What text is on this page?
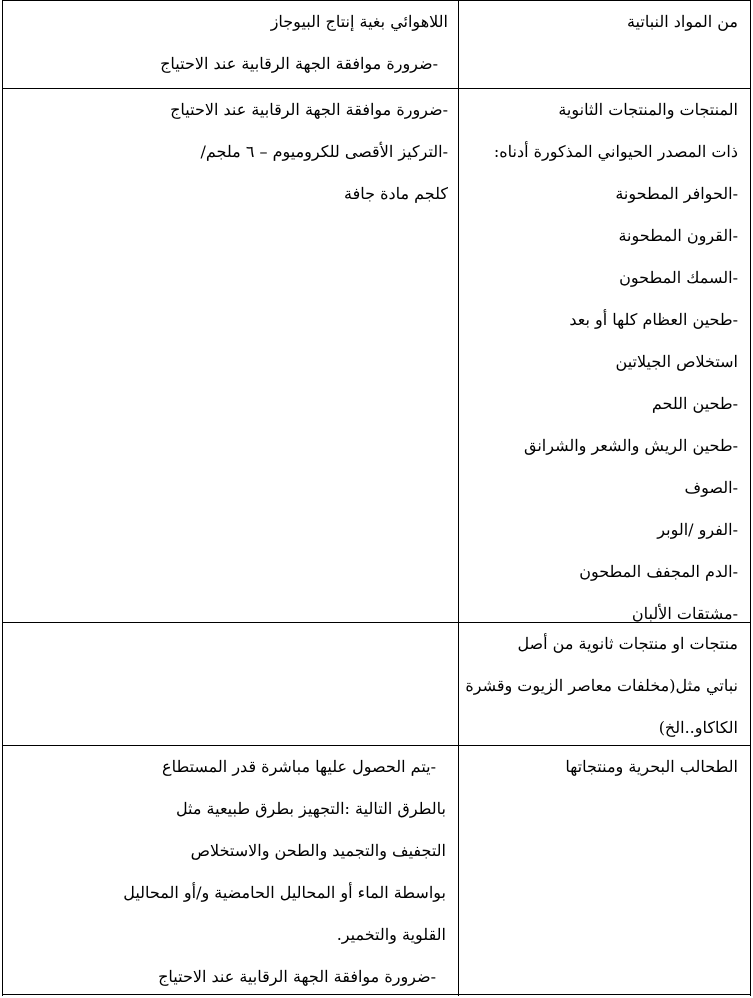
من المواد النباتية
اللاهوائي بغية إنتاج البيوجاز
-ضرورة موافقة الجهة الرقابية عند الاحتياج
المنتجات والمنتجات الثانوية
ذات المصدر الحيواني المذكورة أدناه:
-الحوافر المطحونة
-القرون المطحونة
-السمك المطحون
-طحين العظام كلها أو بعد
استخلاص الجيلاتين
-طحين اللحم
-طحين الريش والشعر والشرانق
-الصوف
-الفرو /الوبر
-الدم المجفف المطحون
-مشتقات الألبان
-ضرورة موافقة الجهة الرقابية عند الاحتياج
-التركيز الأقصى للكروميوم – ٦ ملجم/
كلجم مادة جافة
منتجات او منتجات ثانوية من أصل
نباتي مثل(مخلفات معاصر الزيوت وقشرة
الكاكاو..الخ)
الطحالب البحرية ومنتجاتها
-يتم الحصول عليها مباشرة قدر المستطاع
بالطرق التالية :التجهيز بطرق طبيعية مثل
التجفيف والتجميد والطحن والاستخلاص
بواسطة الماء أو المحاليل الحامضية و/أو المحاليل
القلوية والتخمير.
-ضرورة موافقة الجهة الرقابية عند الاحتياج
